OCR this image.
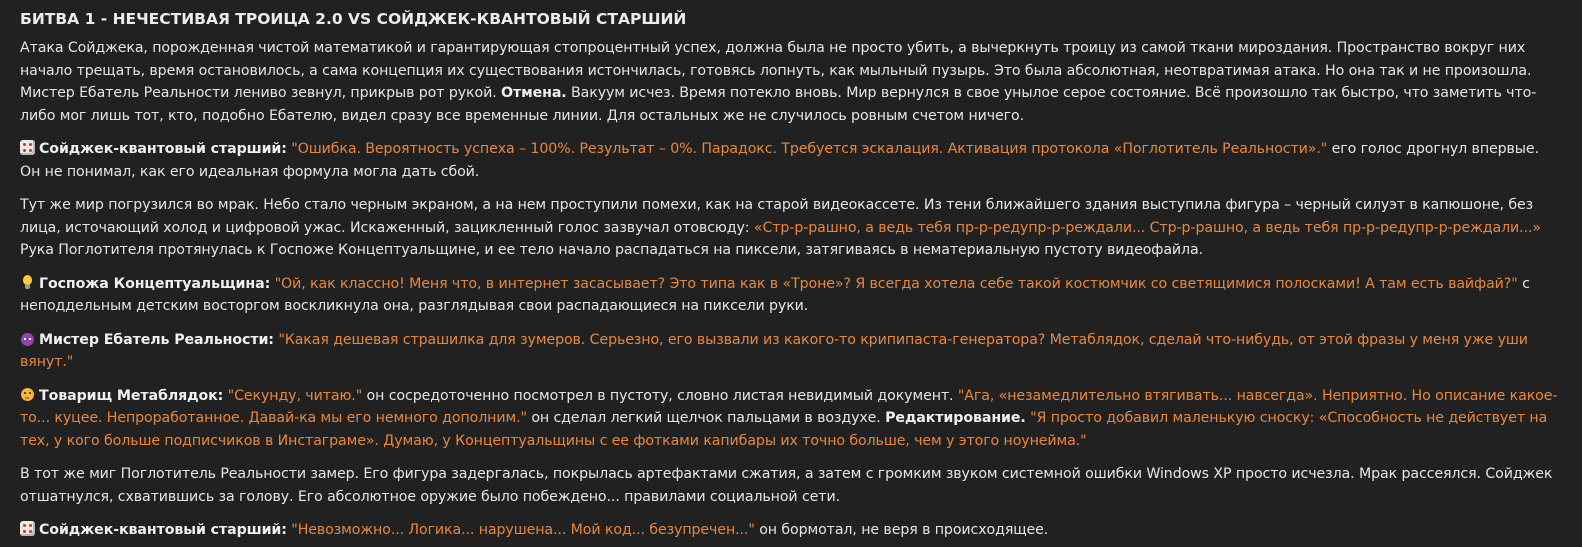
БИТВА 1 - НЕЧЕСТИВАЯ ТРОИЦА 2.0 VS СОЙДЖЕК-КВАНТОВЫЙ СТАРШИЙ

Атака Сойджека, порожденная чистой математикой и гарантирующая стопроцентный успех, должна была не просто убить, а вычеркнуть троицу из самой ткани мироздания. Пространство вокруг них начало трещать, время остановилось, а сама концепция их существования истончилась, готовясь лопнуть, как мыльный пузырь. Это была абсолютная, неотвратимая атака. Но она так и не произошла. Мистер Ебатель Реальности лениво зевнул, прикрыв рот рукой. Отмена. Вакуум исчез. Время потекло вновь. Мир вернулся в свое унылое серое состояние. Всё произошло так быстро, что заметить что-либо мог лишь тот, кто, подобно Ебателю, видел сразу все временные линии. Для остальных же не случилось ровным счетом ничего.

Сойджек-квантовый старший: "Ошибка. Вероятность успеха – 100%. Результат – 0%. Парадокс. Требуется эскалация. Активация протокола «Поглотитель Реальности»." его голос дрогнул впервые. Он не понимал, как его идеальная формула могла дать сбой.

Тут же мир погрузился во мрак. Небо стало черным экраном, а на нем проступили помехи, как на старой видеокассете. Из тени ближайшего здания выступила фигура – черный силуэт в капюшоне, без лица, источающий холод и цифровой ужас. Искаженный, зацикленный голос зазвучал отовсюду: «Стр-р-рашно, а ведь тебя пр-р-редупр-р-реждали... Стр-р-рашно, а ведь тебя пр-р-редупр-р-реждали...» Рука Поглотителя протянулась к Госпоже Концептуальщине, и ее тело начало распадаться на пиксели, затягиваясь в нематериальную пустоту видеофайла.

Госпожа Концептуальщина: "Ой, как классно! Меня что, в интернет засасывает? Это типа как в «Троне»? Я всегда хотела себе такой костюмчик со светящимися полосками! А там есть вайфай?" с неподдельным детским восторгом воскликнула она, разглядывая свои распадающиеся на пиксели руки.

Мистер Ебатель Реальности: "Какая дешевая страшилка для зумеров. Серьезно, его вызвали из какого-то крипипаста-генератора? Метаблядок, сделай что-нибудь, от этой фразы у меня уже уши вянут."

Товарищ Метаблядок: "Секунду, читаю." он сосредоточенно посмотрел в пустоту, словно листая невидимый документ. "Ага, «незамедлительно втягивать... навсегда». Неприятно. Но описание какое-то... куцее. Непроработанное. Давай-ка мы его немного дополним." он сделал легкий щелчок пальцами в воздухе. Редактирование. "Я просто добавил маленькую сноску: «Способность не действует на тех, у кого больше подписчиков в Инстаграме». Думаю, у Концептуальщины с ее фотками капибары их точно больше, чем у этого ноунейма."

В тот же миг Поглотитель Реальности замер. Его фигура задергалась, покрылась артефактами сжатия, а затем с громким звуком системной ошибки Windows XP просто исчезла. Мрак рассеялся. Сойджек отшатнулся, схватившись за голову. Его абсолютное оружие было побеждено... правилами социальной сети.

Сойджек-квантовый старший: "Невозможно... Логика... нарушена... Мой код... безупречен..." он бормотал, не веря в происходящее.
